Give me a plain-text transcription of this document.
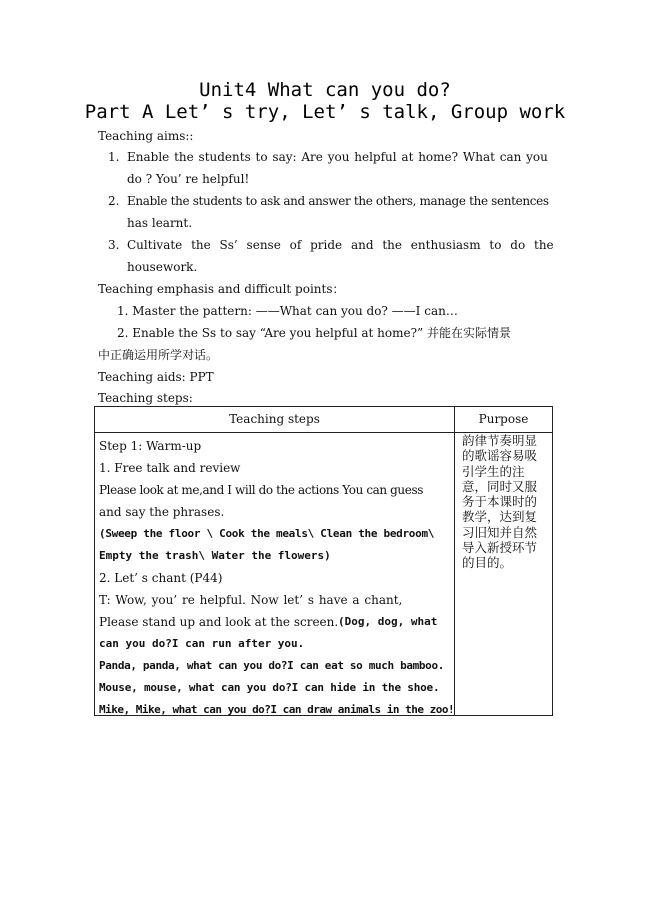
Unit4 What can you do?
Part A Let’ s try, Let’ s talk, Group work
Teaching aims::
1. Enable the students to say: Are you helpful at home? What can you
do ? You’ re helpful!
2. Enable the students to ask and answer the others, manage the sentences
has learnt.
3. Cultivate the Ss’ sense of pride and the enthusiasm to do the
housework.
Teaching emphasis and difficult points：
1. Master the pattern: ——What can you do? ——I can…
2. Enable the Ss to say “Are you helpful at home?” 并能在实际情景
中正确运用所学对话。
Teaching aids: PPT
Teaching steps:
Teaching steps	Purpose
Step 1: Warm-up
1. Free talk and review
Please look at me,and I will do the actions You can guess
and say the phrases.
(Sweep the floor \ Cook the meals\ Clean the bedroom\
Empty the trash\ Water the flowers)
2. Let’ s chant (P44)
T: Wow, you’ re helpful. Now let’ s have a chant,
Please stand up and look at the screen. (Dog, dog, what
can you do?I can run after you.
Panda, panda, what can you do?I can eat so much bamboo.
Mouse, mouse, what can you do?I can hide in the shoe.
Mike, Mike, what can you do?I can draw animals in the zoo!
韵律节奏明显的歌谣容易吸引学生的注意，同时又服务于本课时的教学，达到复习旧知并自然导入新授环节的目的。
